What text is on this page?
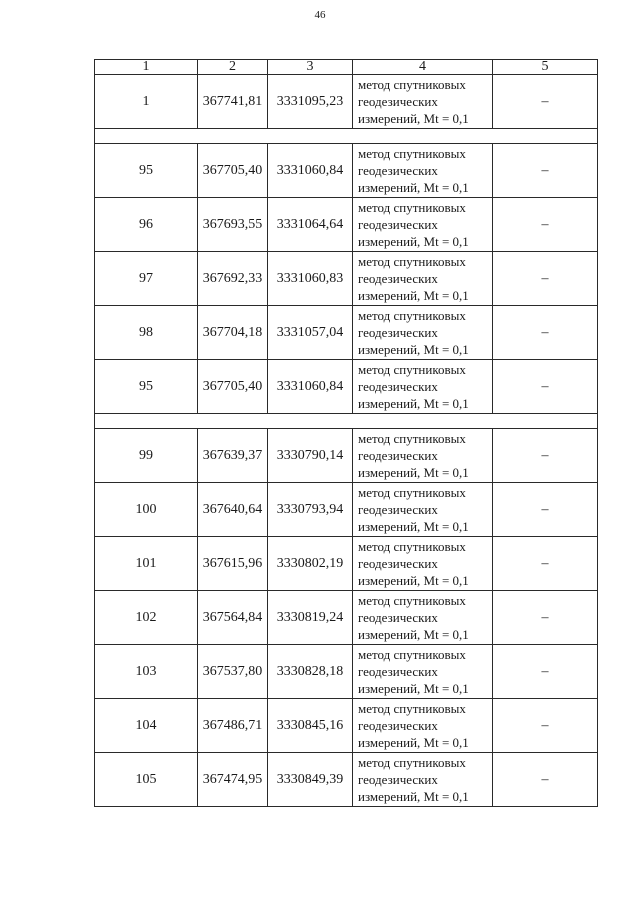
46
1	2	3	4	5
1	367741,81	3331095,23	метод спутниковых
геодезических
измерений, Mt = 0,1	–

95	367705,40	3331060,84	метод спутниковых
геодезических
измерений, Mt = 0,1	–
96	367693,55	3331064,64	метод спутниковых
геодезических
измерений, Mt = 0,1	–
97	367692,33	3331060,83	метод спутниковых
геодезических
измерений, Mt = 0,1	–
98	367704,18	3331057,04	метод спутниковых
геодезических
измерений, Mt = 0,1	–
95	367705,40	3331060,84	метод спутниковых
геодезических
измерений, Mt = 0,1	–

99	367639,37	3330790,14	метод спутниковых
геодезических
измерений, Mt = 0,1	–
100	367640,64	3330793,94	метод спутниковых
геодезических
измерений, Mt = 0,1	–
101	367615,96	3330802,19	метод спутниковых
геодезических
измерений, Mt = 0,1	–
102	367564,84	3330819,24	метод спутниковых
геодезических
измерений, Mt = 0,1	–
103	367537,80	3330828,18	метод спутниковых
геодезических
измерений, Mt = 0,1	–
104	367486,71	3330845,16	метод спутниковых
геодезических
измерений, Mt = 0,1	–
105	367474,95	3330849,39	метод спутниковых
геодезических
измерений, Mt = 0,1	–
